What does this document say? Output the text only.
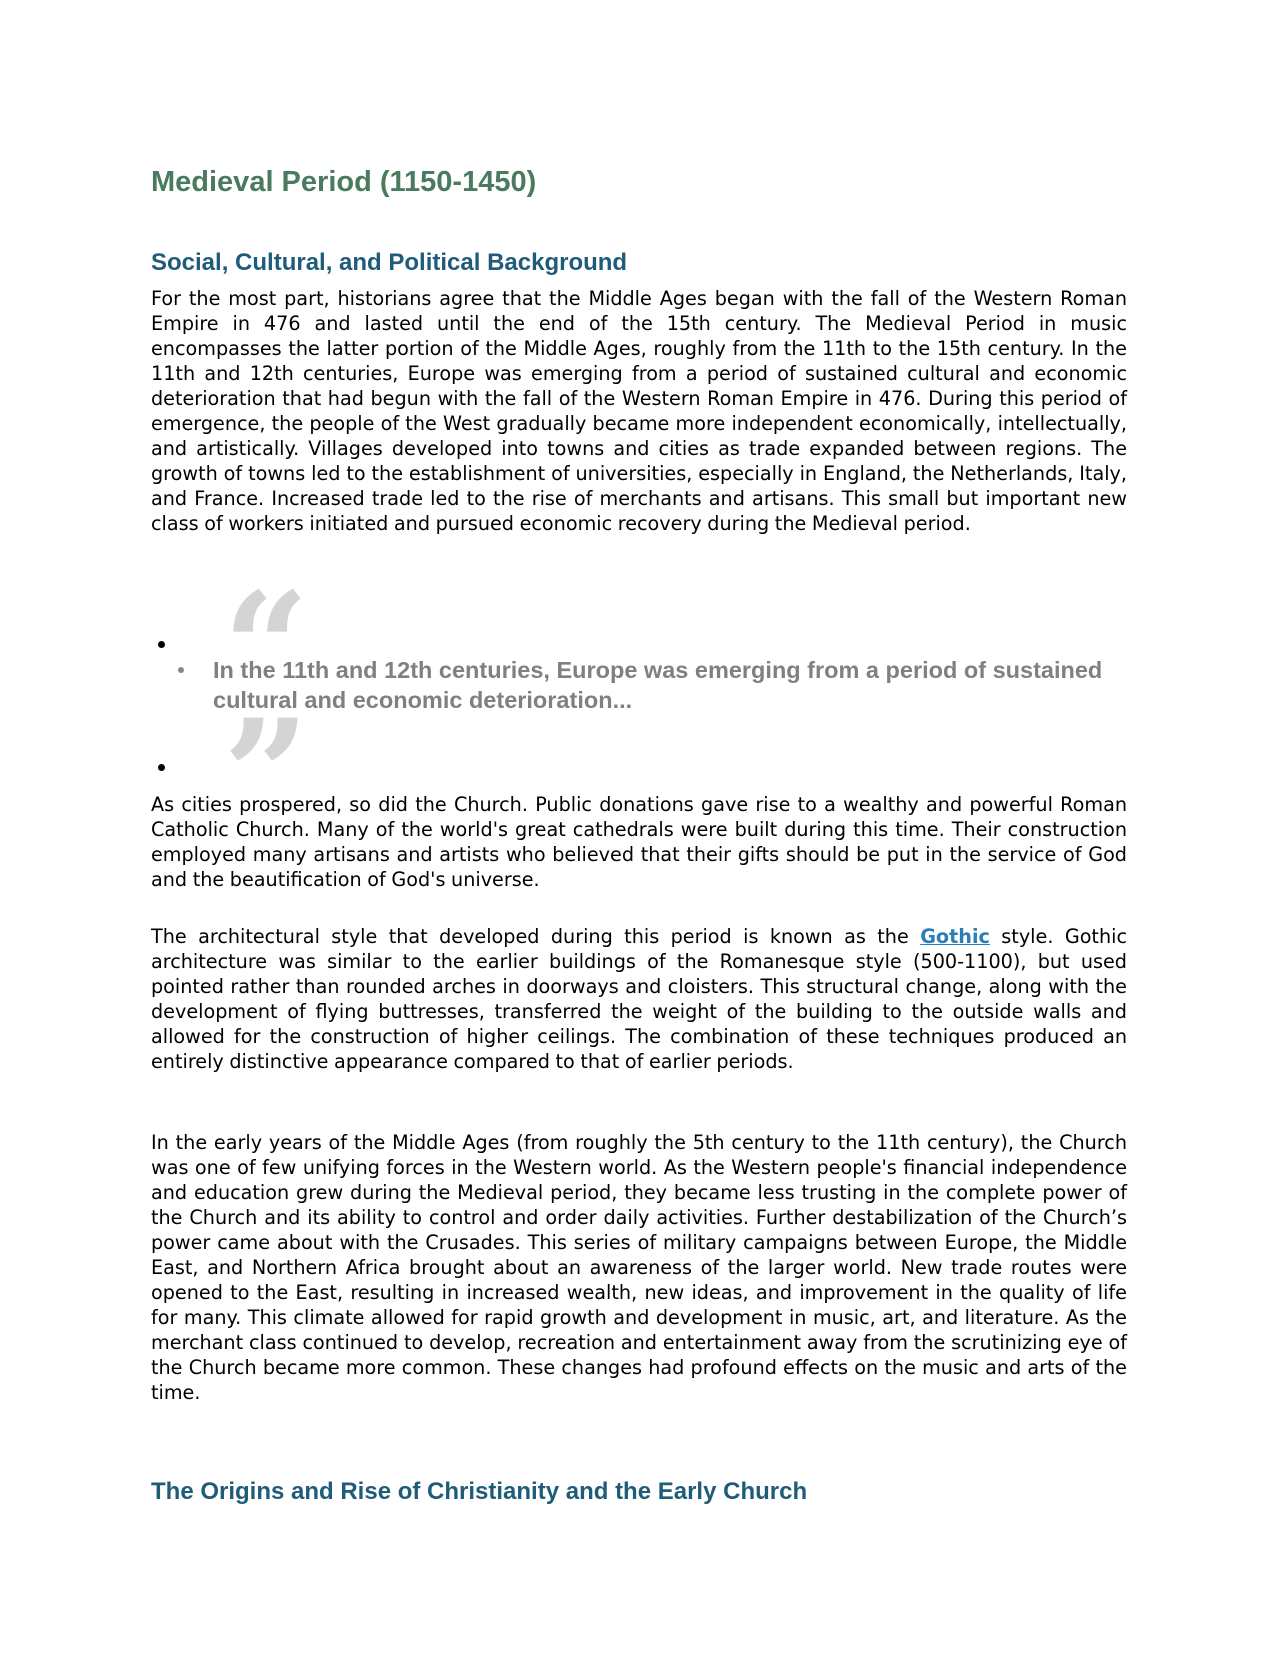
Medieval Period (1150-1450)
Social, Cultural, and Political Background

For the most part, historians agree that the Middle Ages began with the fall of the Western Roman Empire in 476 and lasted until the end of the 15th century. The Medieval Period in music encompasses the latter portion of the Middle Ages, roughly from the 11th to the 15th century. In the 11th and 12th centuries, Europe was emerging from a period of sustained cultural and economic deterioration that had begun with the fall of the Western Roman Empire in 476. During this period of emergence, the people of the West gradually became more independent economically, intellectually, and artistically. Villages developed into towns and cities as trade expanded between regions. The growth of towns led to the establishment of universities, especially in England, the Netherlands, Italy, and France. Increased trade led to the rise of merchants and artisans. This small but important new class of workers initiated and pursued economic recovery during the Medieval period.

“

In the 11th and 12th centuries, Europe was emerging from a period of sustained cultural and economic deterioration...

”

As cities prospered, so did the Church. Public donations gave rise to a wealthy and powerful Roman Catholic Church. Many of the world's great cathedrals were built during this time. Their construction employed many artisans and artists who believed that their gifts should be put in the service of God and the beautification of God's universe.

The architectural style that developed during this period is known as the Gothic style. Gothic architecture was similar to the earlier buildings of the Romanesque style (500-1100), but used pointed rather than rounded arches in doorways and cloisters. This structural change, along with the development of flying buttresses, transferred the weight of the building to the outside walls and allowed for the construction of higher ceilings. The combination of these techniques produced an entirely distinctive appearance compared to that of earlier periods.

In the early years of the Middle Ages (from roughly the 5th century to the 11th century), the Church was one of few unifying forces in the Western world. As the Western people's financial independence and education grew during the Medieval period, they became less trusting in the complete power of the Church and its ability to control and order daily activities. Further destabilization of the Church’s power came about with the Crusades. This series of military campaigns between Europe, the Middle East, and Northern Africa brought about an awareness of the larger world. New trade routes were opened to the East, resulting in increased wealth, new ideas, and improvement in the quality of life for many. This climate allowed for rapid growth and development in music, art, and literature. As the merchant class continued to develop, recreation and entertainment away from the scrutinizing eye of the Church became more common. These changes had profound effects on the music and arts of the time.

The Origins and Rise of Christianity and the Early Church
